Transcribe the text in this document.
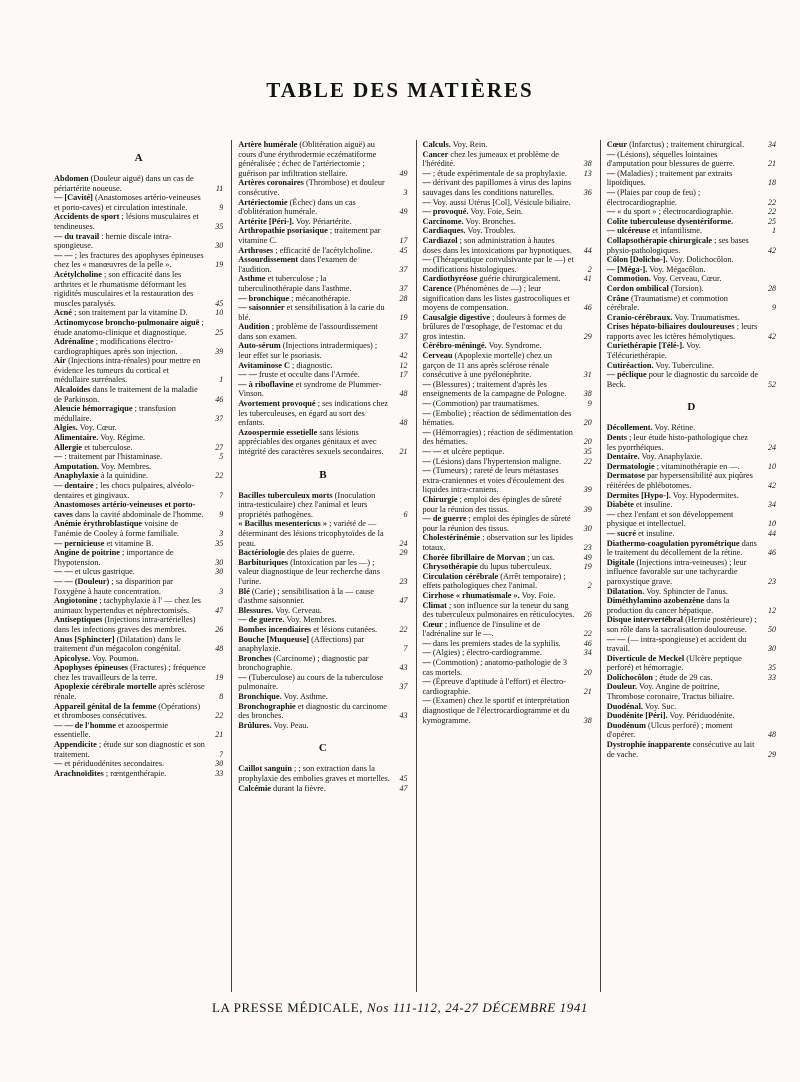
TABLE DES MATIÈRES
A

Abdomen (Douleur aiguë) dans un cas de périartérite noueuse.	11

— [Cavité] (Anastomoses artério-veineuses et porto-caves) et circulation intestinale.	9

Accidents de sport ; lésions musculaires et tendineuses.	35

— du travail : hernie discale intra-spongieuse.	30

— — ; les fractures des apophyses épineuses chez les « manœuvres de la pelle ».	19

Acétylcholine ; son efficacité dans les arthrites et le rhumatisme déformant les rigidités musculaires et la restauration des muscles paralysés.	45

Acné ; son traitement par la vitamine D.	10

Actinomycose broncho-pulmonaire aiguë ; étude anatomo-clinique et diagnostique.	25

Adrénaline ; modifications électro-cardiographiques après son injection.	39

Air (Injections intra-rénales) pour mettre en évidence les tumeurs du cortical et médullaire surrénales.	1

Alcaloïdes dans le traitement de la maladie de Parkinson.	46

Aleucie hémorragique ; transfusion médullaire.	37

Algies. Voy. Cœur.

Alimentaire. Voy. Régime.

Allergie et tuberculose.	27

— : traitement par l'histaminase.	5

Amputation. Voy. Membres.

Anaphylaxie à la quinidine.	22

— dentaire ; les chocs pulpaires, alvéolo-dentaires et gingivaux.	7

Anastomoses artério-veineuses et porto-caves dans la cavité abdominale de l'homme. 9

Anémie érythroblastique voisine de l'anémie de Cooley à forme familiale.	3

— pernicieuse et vitamine B.	35

Angine de poitrine ; importance de l'hypotension.	30

— — et ulcus gastrique.	30

— — (Douleur) ; sa disparition par l'oxygène à haute concentration.	3

Angiotonine ; tachyphylaxie à l' — chez les animaux hypertendus et néphrectomisés.	47

Antiseptiques (Injections intra-artérielles) dans les infections graves des membres.	26

Anus [Sphincter] (Dilatation) dans le traitement d'un mégacolon congénital.	48

Apicolyse. Voy. Poumon.

Apophyses épineuses (Fractures) ; fréquence chez les travailleurs de la terre.	19

Apoplexie cérébrale mortelle après sclérose rénale.	8

Appareil génital de la femme (Opérations) et thromboses consécutives.	22

— — de l'homme et azoospermie essentielle.	21

Appendicite ; étude sur son diagnostic et son traitement.	7

— et périduodénites secondaires.	30

Arachnoïdites ; rœntgenthérapie.	33

Artère humérale (Oblitération aiguë) au cours d'une érythrodermie eczématiforme généralisée ; échec de l'artériectomie ; guérison par infiltration stellaire.	49

Artères coronaires (Thrombose) et douleur consécutive.	3

Artériectomie (Échec) dans un cas d'oblitération humérale.	49

Artérite [Péri-]. Voy. Périartérite.

Arthropathie psoriasique ; traitement par vitamine C.	17

Arthroses ; efficacité de l'acétylcholine.	45

Assourdissement dans l'examen de l'audition.	37

Asthme et tuberculose ; la tuberculinothérapie dans l'asthme.	37

— bronchique ; mécanothérapie.	28

— saisonnier et sensibilisation à la carie du blé.	19

Audition ; problème de l'assourdissement dans son examen.	37

Auto-sérum (Injections intradermiques) ; leur effet sur le psoriasis.	42

Avitaminose C ; diagnostic.	12

— — fruste et occulte dans l'Armée.	17

— à riboflavine et syndrome de Plummer-Vinson.	48

Avortement provoqué ; ses indications chez les tuberculeuses, en égard au sort des enfants.	48

Azoospermie essetielle sans lésions appréciables des organes génitaux et avec intégrité des caractères sexuels secondaires. 21

B

Bacilles tuberculeux morts (Inoculation intra-testiculaire) chez l'animal et leurs propriétés pathogènes.	6

« Bacillus mesentericus » ; variété de — déterminant des lésions tricophytoïdes de la peau.	24

Bactériologie des plaies de guerre.	29

Barbituriques (Intoxication par les —) ; valeur diagnostique de leur recherche dans l'urine.	23

Blé (Carie) ; sensibilisation à la — cause d'asthme saisonnier.	47

Blessures. Voy. Cerveau.

— de guerre. Voy. Membres.

Bombes incendiaires et lésions cutanées.	22

Bouche [Muqueuse] (Affections) par anaphylaxie.	7

Bronches (Carcinome) ; diagnostic par bronchographie.	43

— (Tuberculose) au cours de la tuberculose pulmonaire.	37

Bronchique. Voy. Asthme.

Bronchographie et diagnostic du carcinome des bronches.	43

Brûlures. Voy. Peau.

C

Caillot sanguin ; ; son extraction dans la prophylaxie des embolies graves et mortelles. 45

Calcémie durant la fièvre.	47

Calculs. Voy. Rein.

Cancer chez les jumeaux et problème de l'hérédité.	38

— ; étude expérimentale de sa prophylaxie. 13

— dérivant des papillomes à virus des lapins sauvages dans les conditions naturelles.	36

— Voy. aussi Utérus [Col], Vésicule biliaire.

— provoqué. Voy. Foie, Sein.

Carcinome. Voy. Bronches.

Cardiaques. Voy. Troubles.

Cardiazol ; son administration à hautes doses dans les intoxications par hypnotiques. 44

— (Thérapeutique convulsivante par le —) et modifications histologiques.	2

Cardiothyréose guérie chirurgicalement.	41

Carence (Phénomènes de —) ; leur signification dans les listes gastrocoliques et moyens de compensation.	46

Causalgie digestive ; douleurs à formes de brûlures de l'œsophage, de l'estomac et du gros intestin.	29

Cérébro-méningé. Voy. Syndrome.

Cerveau (Apoplexie mortelle) chez un garçon de 11 ans après sclérose rénale consécutive à une pyélonéphrite.	31

— (Blessures) ; traitement d'après les enseignements de la campagne de Pologne. 38

— (Commotion) par traumatismes.	9

— (Embolie) ; réaction de sédimentation des hématies.	20

— (Hémorragies) ; réaction de sédimentation des hématies.	20

— — et ulcère peptique.	35

— (Lésions) dans l'hypertension maligne.	22

— (Tumeurs) ; rareté de leurs métastases extra-craniennes et voies d'écoulement des liquides intra-craniens.	39

Chirurgie ; emploi des épingles de sûreté pour la réunion des tissus.	39

— de guerre ; emploi des épingles de sûreté pour la réunion des tissus.	30

Cholestérinémie ; observation sur les lipides totaux.	23

Chorée fibrillaire de Morvan ; un cas.	49

Chrysothérapie du lupus tuberculeux.	19

Circulation cérébrale (Arrêt temporaire) ; effets pathologiques chez l'animal.	2

Cirrhose « rhumatismale ». Voy. Foie.

Climat ; son influence sur la teneur du sang des tuberculeux pulmonaires en réticulocytes. 26

Cœur ; influence de l'insuline et de l'adrénaline sur le —.	22

— dans les premiers stades de la syphilis.	46

— (Algies) ; électro-cardiogramme.	34

— (Commotion) ; anatomo-pathologie de 3 cas mortels.	20

— (Épreuve d'aptitude à l'effort) et électro-cardiographie.	21

— (Examen) chez le sportif et interprétation diagnostique de l'électrocardiogramme et du kymogramme.	38

Cœur (Infarctus) ; traitement chirurgical.	34

— (Lésions), séquelles lointaines d'amputation pour blessures de guerre.	21

— (Maladies) ; traitement par extraits lipoïdiques.	18

— (Plaies par coup de feu) ; électrocardiographie.	22

— « du sport » ; électrocardiographie.	22

Colite tuberculeuse dysentériforme.	25

— ulcéreuse et infantilisme.	1

Collapsothérapie chirurgicale ; ses bases physio-pathologiques.	42

Côlon [Dolicho-]. Voy. Dolichocôlon.

— [Méga-]. Voy. Mégacôlon.

Commotion. Voy. Cerveau, Cœur.

Cordon ombilical (Torsion).	28

Crâne (Traumatisme) et commotion cérébrale.	9

Cranio-cérébraux. Voy. Traumatismes.

Crises hépato-biliaires douloureuses ; leurs rapports avec les ictères hémolytiques.	42

Curiethérapie [Télé-]. Voy. Télécuriethérapie.

Cutiréaction. Voy. Tuberculine.

— péclique pour le diagnostic du sarcoïde de Beck.	52

D

Décollement. Voy. Rétine.

Dents ; leur étude histo-pathologique chez les pyorrhéiques.	24

Dentaire. Voy. Anaphylaxie.

Dermatologie ; vitaminothérapie en —.	10

Dermatose par hypersensibilité aux piqûres réitérées de phlébotomes.	42

Dermites [Hypo-]. Voy. Hypodermites.

Diabète et insuline.	34

— chez l'enfant et son développement physique et intellectuel.	10

— sucré et insuline.	44

Diathermo-coagulation pyrométrique dans le traitement du décollement de la rétine.	46

Digitale (Injections intra-veineuses) ; leur influence favorable sur une tachycardie paroxystique grave.	23

Dilatation. Voy. Sphincter de l'anus.

Diméthylamino azobenzène dans la production du cancer hépatique.	12

Disque intervertébral (Hernie postérieure) ; son rôle dans la sacralisation douloureuse.	50

— — (— intra-spongieuse) et accident du travail.	30

Diverticule de Meckel (Ulcère peptique perforé) et hémorragie.	35

Dolichocôlon ; étude de 29 cas.	33

Douleur. Voy. Angine de poitrine, Thrombose coronaire, Tractus biliaire.

Duodénal. Voy. Suc.

Duodénite [Péri]. Voy. Périduodénite.

Duodénum (Ulcus perforé) ; moment d'opérer.	48

Dystrophie inapparente consécutive au lait de vache.	29

LA PRESSE MÉDICALE, Nos 111-112, 24-27 DÉCEMBRE 1941
